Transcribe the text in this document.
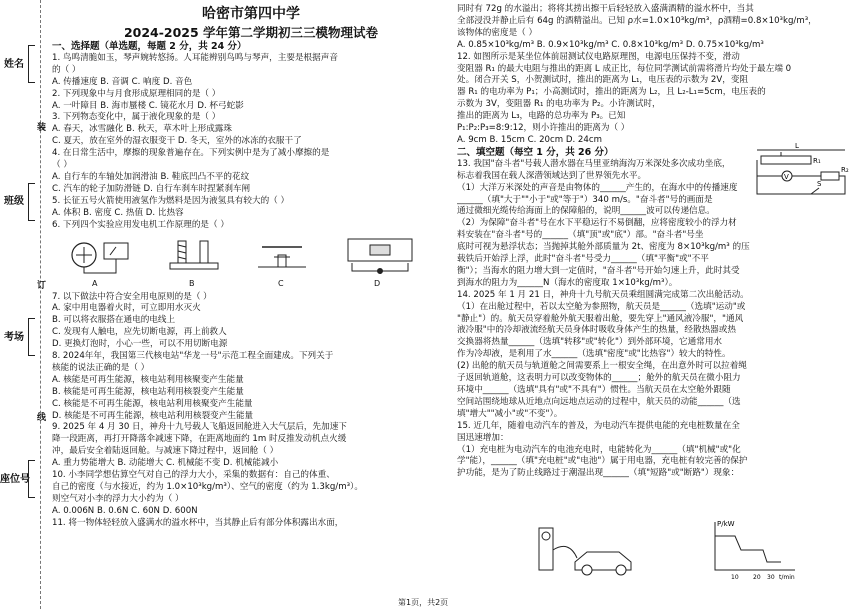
姓名
班级
考场
座位号
装
订
线

哈密市第四中学

2024-2025 学年第二学期初三三模物理试卷

一、选择题（单选题，每题 2 分，共 24 分）

1. 鸟鸣清脆如玉，琴声婉转悠扬。人耳能辨别鸟鸣与琴声，主要是根据声音

的（ ）

A. 传播速度 B. 音调 C. 响度 D. 音色

2. 下列现象中与月食形成原理相同的是（ ）

A. 一叶障目 B. 海市蜃楼 C. 镜花水月 D. 杯弓蛇影

3. 下列物态变化中，属于液化现象的是（ ）

A. 春天，冰雪融化 B. 秋天，草木叶上形成露珠

C. 夏天，放在室外的湿衣服变干 D. 冬天，室外的冰冻的衣服干了

4. 在日常生活中，摩擦的现象普遍存在。下列实例中是为了减小摩擦的是

（ ）

A. 自行车的车轴处加润滑油 B. 鞋底凹凸不平的花纹

C. 汽车的轮子加防滑链 D. 自行车刹车时捏紧刹车闸

5. 长征五号火箭使用液氢作为燃料是因为液氢具有较大的（ ）

A. 体积 B. 密度 C. 热值 D. 比热容

6. 下列四个实验应用发电机工作原理的是（ ）

A	B	C	D

7. 以下做法中符合安全用电原则的是（ ）

A. 家中用电器着火时，可立即用水灭火

B. 可以将衣服搭在通电的电线上

C. 发现有人触电，应先切断电源，再上前救人

D. 更换灯泡时，小心一些，可以不用切断电源

8. 2024年年，我国第三代核电站"华龙一号"示范工程全面建成。下列关于

核能的说法正确的是（ ）

A. 核能是可再生能源，核电站利用核聚变产生能量

B. 核能是可再生能源，核电站利用核裂变产生能量

C. 核能是不可再生能源，核电站利用核聚变产生能量

D. 核能是不可再生能源，核电站利用核裂变产生能量

9. 2025 年 4 月 30 日，神舟十九号载人飞船返回舱进入大气层后，先加速下

降一段距离，再打开降落伞减速下降，在距离地面约 1m 时反推发动机点火缓

冲，最后安全着陆返回舱。与减速下降过程中，返回舱（ ）

A. 重力势能增大 B. 动能增大 C. 机械能不变 D. 机械能减小

10. 小李同学想估算空气对自己的浮力大小，采集的数据有：自己的体重、

自己的密度（与水接近，约为 1.0×10³kg/m³）、空气的密度（约为 1.3kg/m³）。

则空气对小李的浮力大小约为（ ）

A. 0.006N B. 0.6N C. 60N D. 600N

11. 将一物体轻轻放入盛满水的溢水杯中，当其静止后有部分体积露出水面，

同时有 72g 的水溢出；将将其捞出擦干后轻轻放入盛满酒精的溢水杯中，当其

全部浸没并静止后有 64g 的酒精溢出。已知 ρ水=1.0×10³kg/m³，ρ酒精=0.8×10³kg/m³，

该物体的密度是（ ）

A. 0.85×10³kg/m³ B. 0.9×10³kg/m³ C. 0.8×10³kg/m³ D. 0.75×10³kg/m³

12. 如图所示是某坐位体前屈测试仪电路原理图，电源电压保持不变，滑动

变阻器 R₁ 的最大电阻与推出的距离 L 成正比，每位同学测试前需将滑片均处于最左端 0

处。闭合开关 S，小贺测试时，推出的距离为 L₁，电压表的示数为 2V，变阻

器 R₁ 的电功率为 P₁；小高测试时，推出的距离为 L₂，且 L₂-L₁=5cm，电压表的

示数为 3V，变阻器 R₁ 的电功率为 P₂。小许测试时，

推出的距离为 L₃，电路的总功率为 P₃。已知

P₁:P₂:P₃=8:9:12，则小许推出的距离为（ ）

A. 9cm B. 15cm C. 20cm D. 24cm

二、填空题（每空 1 分，共 26 分）

13. 我国"奋斗者"号载人潜水器在马里亚纳海沟万米深处多次成功坐底，

标志着我国在载人深潜领域达到了世界领先水平。

（1）大洋万米深处的声音是由物体的______产生的，在海水中的传播速度

______（填"大于""小于"或"等于"）340 m/s。"奋斗者"号的画面是

通过微细光缆传给海面上的保障船的，说明______波可以传递信息。

（2）为保障"奋斗者"号在水下平稳运行不易倒翻，应将密度较小的浮力材

料安装在"奋斗者"号的______（填"顶"或"底"）部。"奋斗者"号坐

底时可视为悬浮状态；当抛掉其舱外部质量为 2t、密度为 8×10³kg/m³ 的压

载铁后开始浮上浮，此时"奋斗者"号受力______（填"平衡"或"不平

衡"）；当海水的阻力增大到一定值时，"奋斗者"号开始匀速上升，此时其受

到海水的阻力为______N（海水的密度取 1×10³kg/m³）。

14. 2025 年 1 月 21 日，神舟十九号航天员乘组圆满完成第二次出舱活动。

（1）在出舱过程中，若以太空舱为参照物，航天员是______（选填"运动"或

"静止"）的。航天员穿着舱外航天服着出舱，要先穿上"通风液冷服"，"通风

液冷服"中的冷却液流经航天员身体时吸收身体产生的热量，经散热器或热

交换器将热量______（选填"转移"或"转化"）到外部环境，它通常用水

作为冷却液，是利用了水______（选填"密度"或"比热容"）较大的特性。

(2) 出舱的航天员与轨道舱之间需要系上一根安全绳，在出意外时可以拉着绳

子返回轨道舱，这表明力可以改变物体的______；舱外的航天员在微小阻力

环境中______（选填"具有"或"不具有"）惯性。当航天员在太空舱外跟随

空间站围绕地球从近地点向远地点运动的过程中，航天员的动能______（选

填"增大""减小"或"不变"）。

15. 近几年，随着电动汽车的普及，为电动汽车提供电能的充电桩数量在全

国迅速增加：

（1）充电桩为电动汽车的电池充电时，电能转化为______（填"机械"或"化

学"能），______（填"充电桩"或"电池"）属于用电器，充电桩有较完善的保护

护功能，是为了防止线路过于潮湿出现______（填"短路"或"断路"）现象：

L
R₁
V
R₂
S
P/kW
10 20 30 t/min
第1页，共2页
